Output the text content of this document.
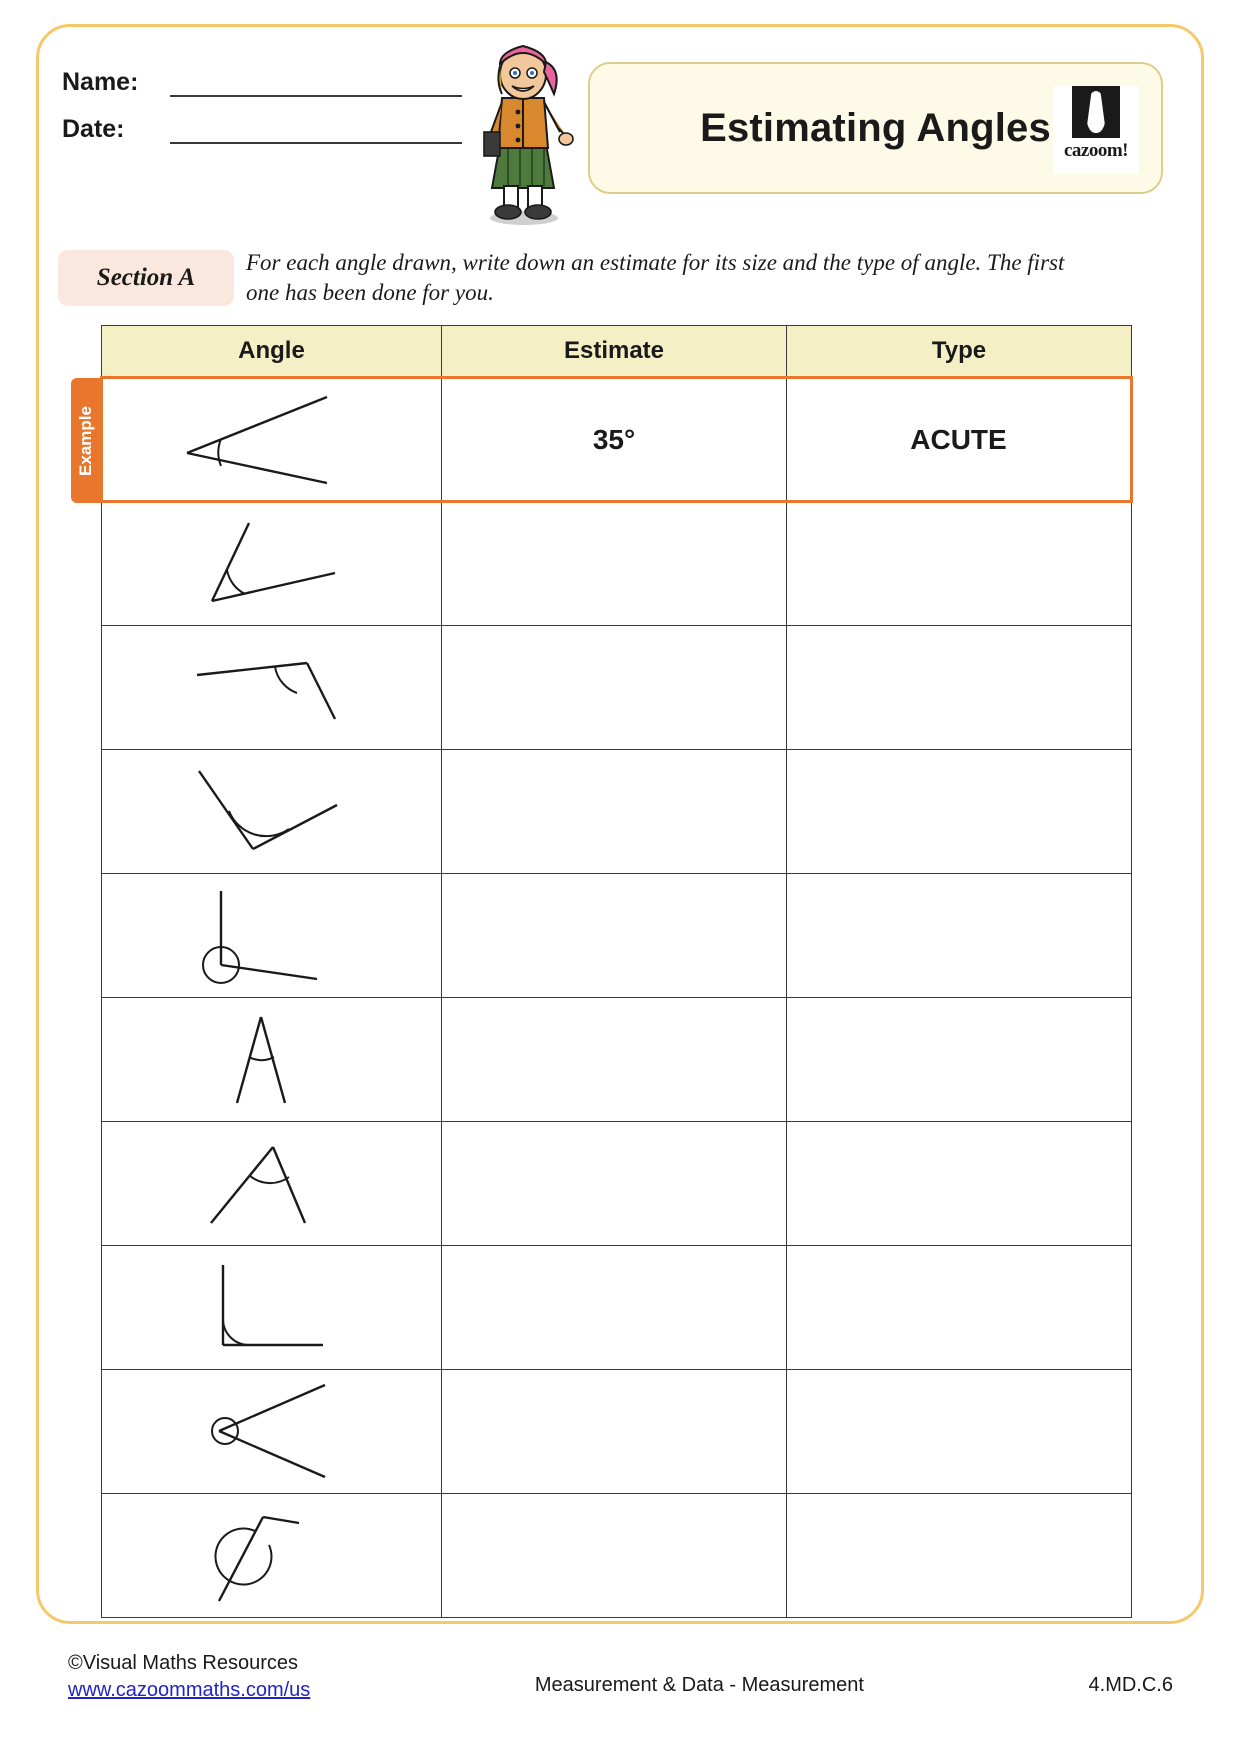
Name:
Date:	Estimating Angles
cazoom!
Section A
For each angle drawn, write down an estimate for its size and the type of angle. The first one has been done for you.
Example
Angle	Estimate	Type

	35°	ACUTE

©Visual Maths Resources
www.cazoommaths.com/us	Measurement & Data - Measurement	4.MD.C.6
